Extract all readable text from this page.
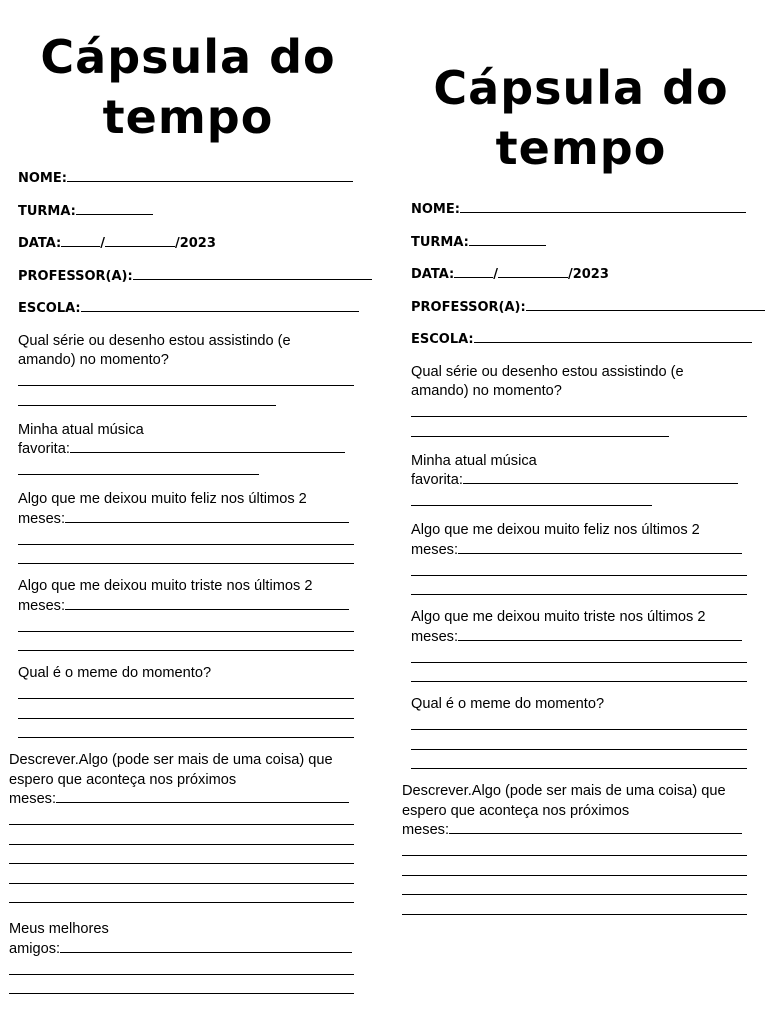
Cápsula do
tempo
NOME:
TURMA:
DATA:	/	/2023
PROFESSOR(A):
ESCOLA:
Qual série ou desenho estou assistindo (e
amando) no momento?
Minha atual música
favorita:
Algo que me deixou muito feliz nos últimos 2
meses:
Algo que me deixou muito triste nos últimos 2
meses:
Qual é o meme do momento?
Descrever.Algo (pode ser mais de uma coisa) que
espero que aconteça nos próximos
meses:
Meus melhores
amigos:
Cápsula do
tempo
NOME:
TURMA:
DATA:	/	/2023
PROFESSOR(A):
ESCOLA:
Qual série ou desenho estou assistindo (e
amando) no momento?
Minha atual música
favorita:
Algo que me deixou muito feliz nos últimos 2
meses:
Algo que me deixou muito triste nos últimos 2
meses:
Qual é o meme do momento?
Descrever.Algo (pode ser mais de uma coisa) que
espero que aconteça nos próximos
meses:
